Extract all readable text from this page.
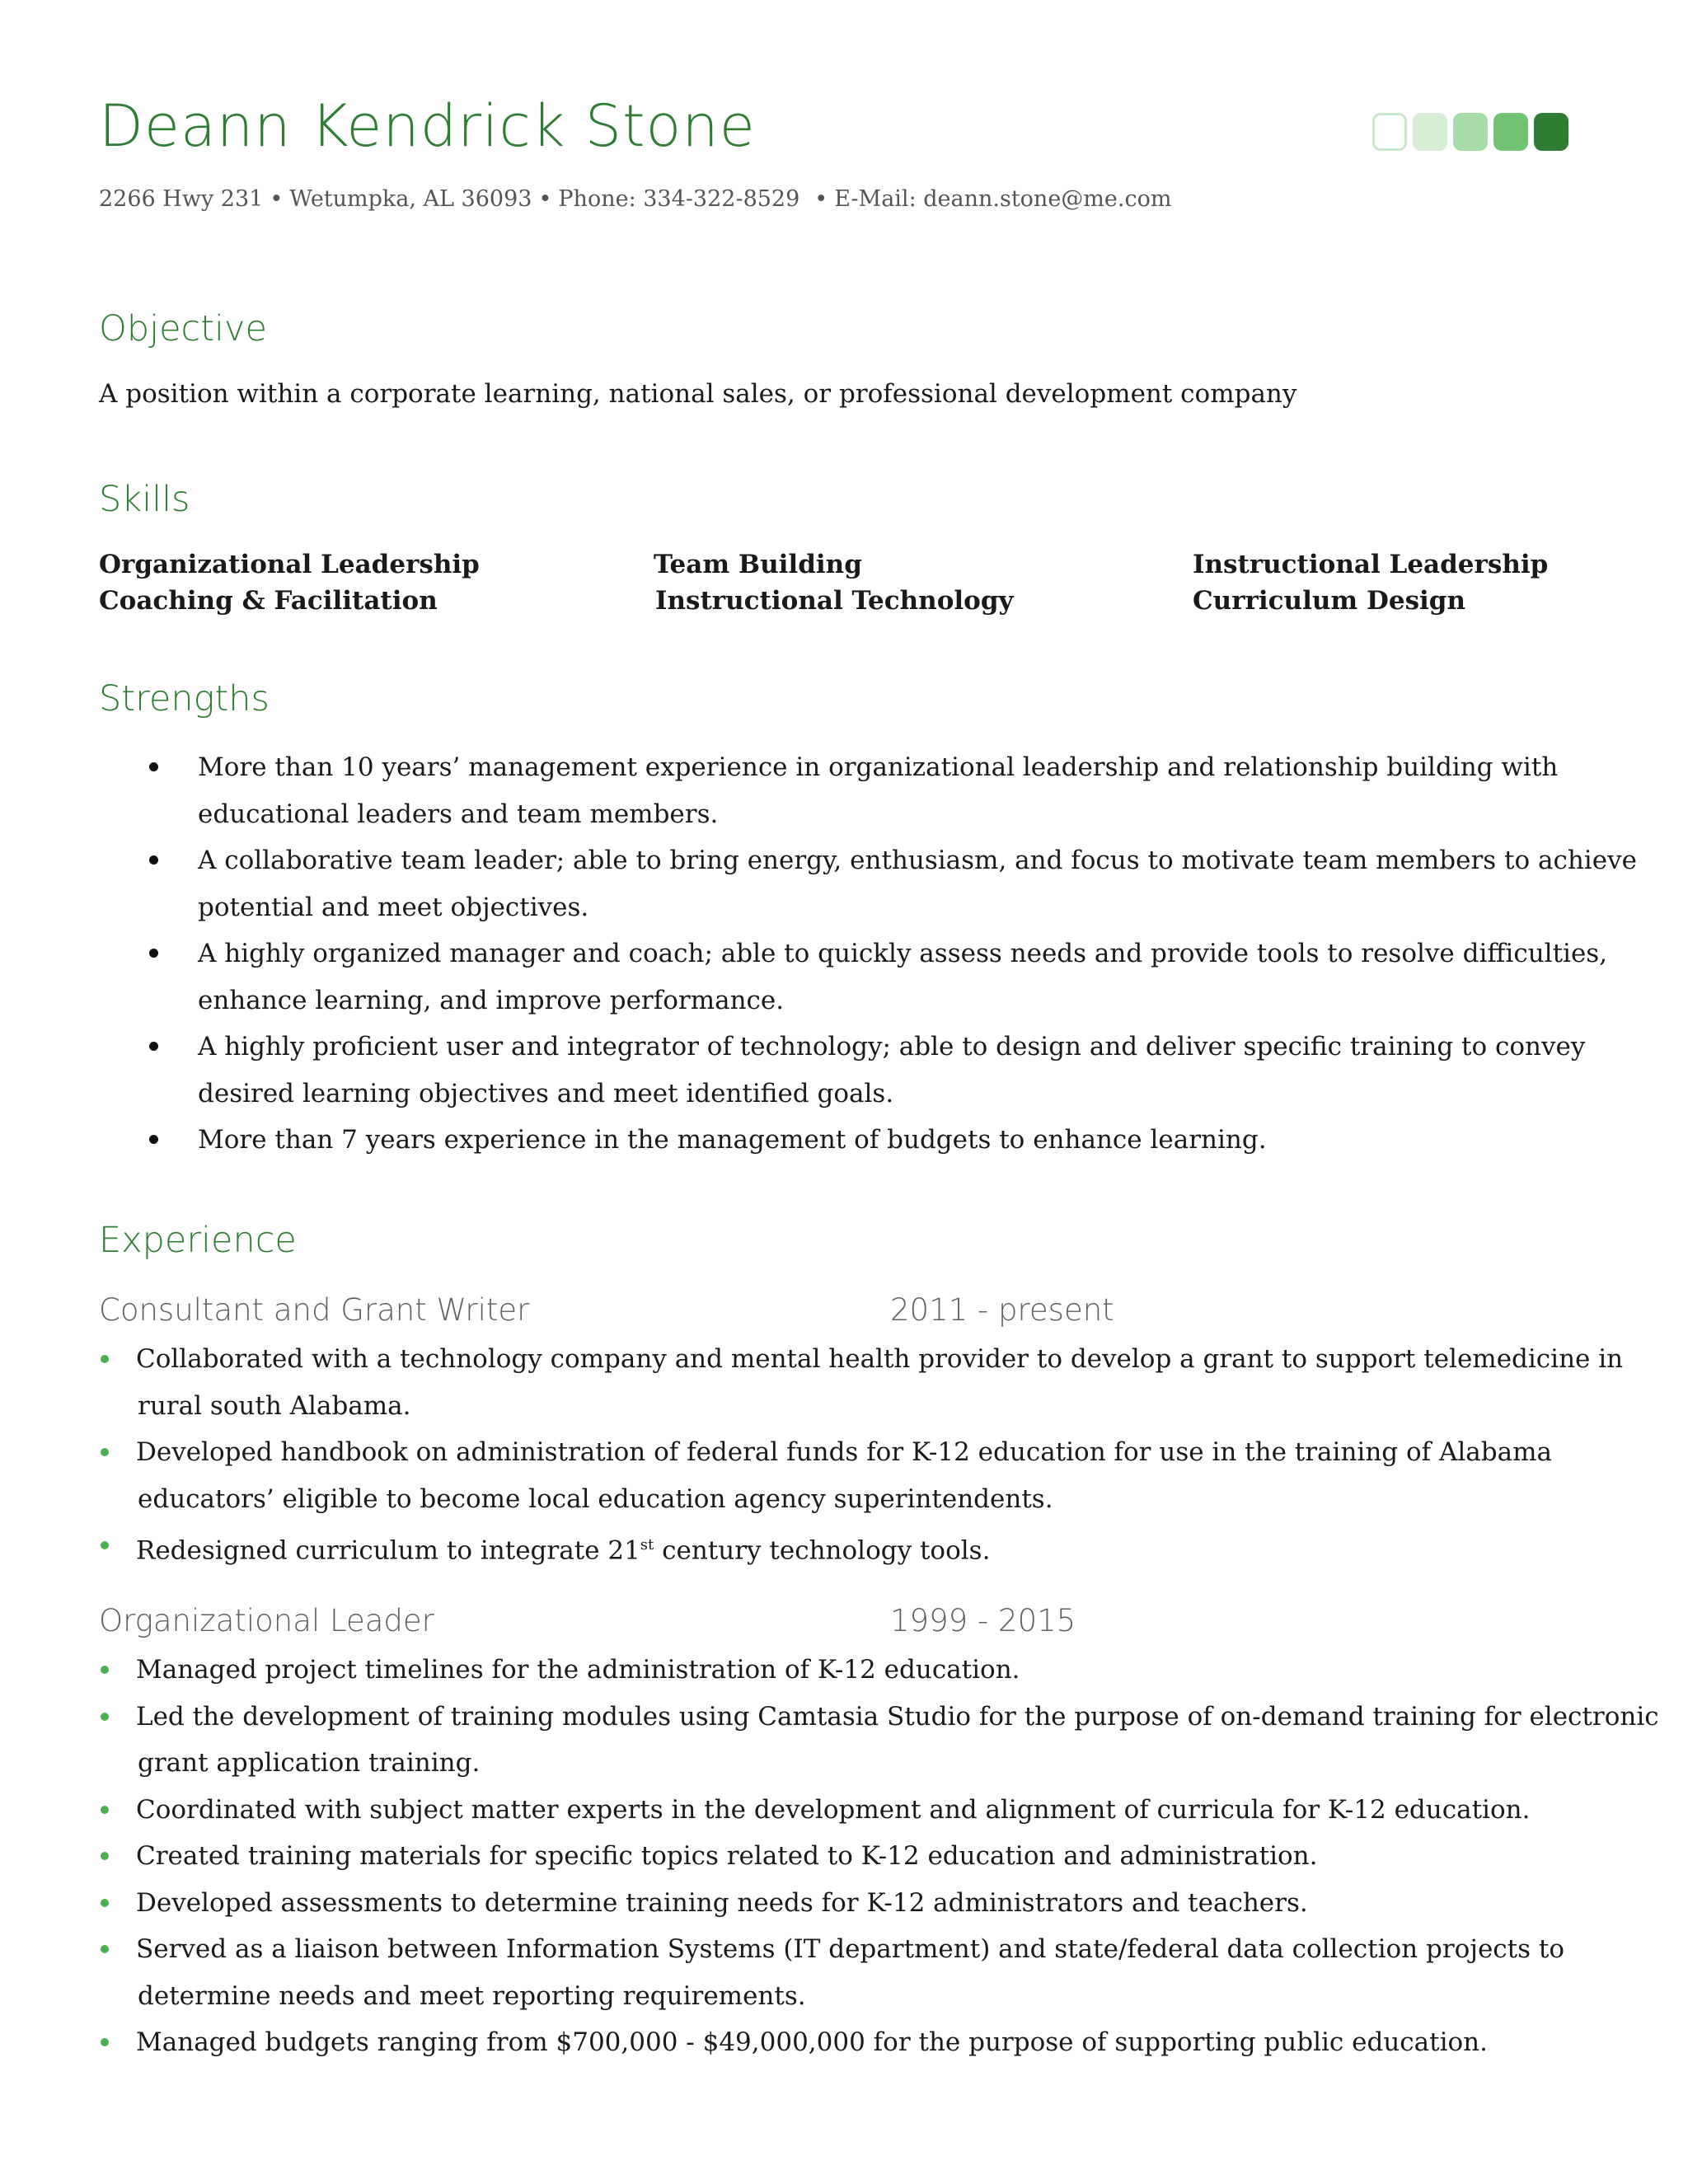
Deann Kendrick Stone
2266 Hwy 231 • Wetumpka, AL 36093 • Phone: 334-322-8529 • E-Mail: deann.stone@me.com
Objective
A position within a corporate learning, national sales, or professional development company
Skills
Organizational Leadership	Team Building	Instructional Leadership
Coaching & Facilitation	Instructional Technology	Curriculum Design
Strengths
More than 10 years’ management experience in organizational leadership and relationship building with
educational leaders and team members.
A collaborative team leader; able to bring energy, enthusiasm, and focus to motivate team members to achieve
potential and meet objectives.
A highly organized manager and coach; able to quickly assess needs and provide tools to resolve difficulties,
enhance learning, and improve performance.
A highly proficient user and integrator of technology; able to design and deliver specific training to convey
desired learning objectives and meet identified goals.
More than 7 years experience in the management of budgets to enhance learning.
Experience
Consultant and Grant Writer	2011 - present
Collaborated with a technology company and mental health provider to develop a grant to support telemedicine in
rural south Alabama.
Developed handbook on administration of federal funds for K-12 education for use in the training of Alabama
educators’ eligible to become local education agency superintendents.
Redesigned curriculum to integrate 21st century technology tools.
Organizational Leader	1999 - 2015
Managed project timelines for the administration of K-12 education.
Led the development of training modules using Camtasia Studio for the purpose of on-demand training for electronic
grant application training.
Coordinated with subject matter experts in the development and alignment of curricula for K-12 education.
Created training materials for specific topics related to K-12 education and administration.
Developed assessments to determine training needs for K-12 administrators and teachers.
Served as a liaison between Information Systems (IT department) and state/federal data collection projects to
determine needs and meet reporting requirements.
Managed budgets ranging from $700,000 - $49,000,000 for the purpose of supporting public education.
